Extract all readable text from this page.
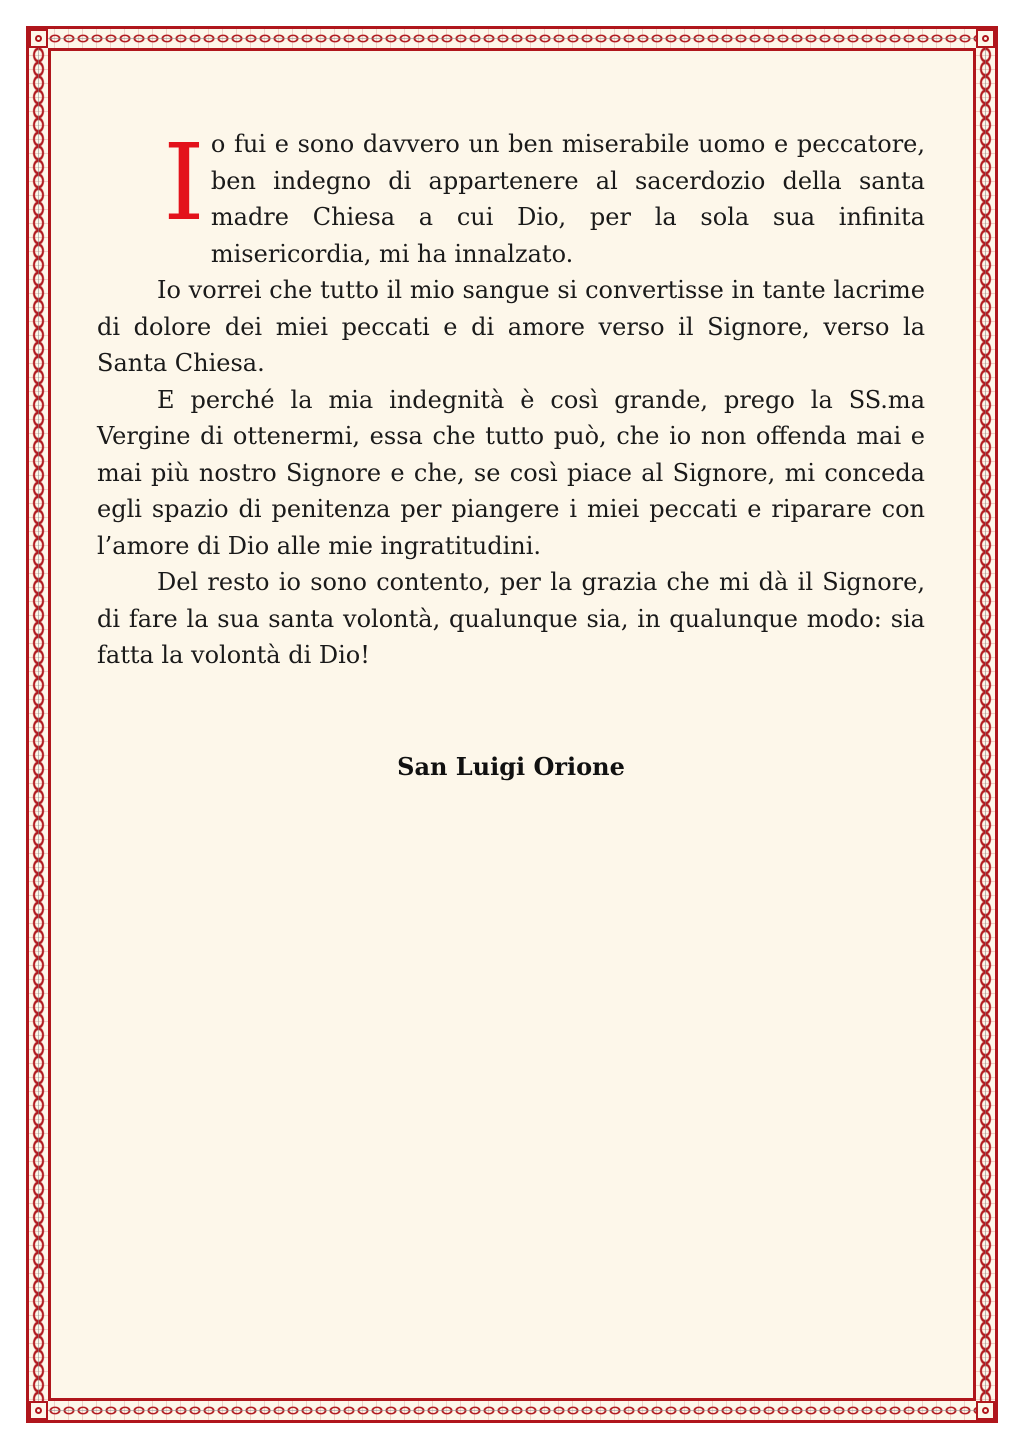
I o fui e sono davvero un ben miserabile uomo e peccatore, ben indegno di appartenere al sacerdozio della santa madre Chiesa a cui Dio, per la sola sua infinita misericordia, mi ha innalzato.

Io vorrei che tutto il mio sangue si convertisse in tante lacrime di dolore dei miei peccati e di amore verso il Signore, verso la Santa Chiesa.

E perché la mia indegnità è così grande, prego la SS.ma Vergine di ottenermi, essa che tutto può, che io non offenda mai e mai più nostro Signore e che, se così piace al Signore, mi conceda egli spazio di penitenza per piangere i miei peccati e riparare con l’amore di Dio alle mie ingratitudini.

Del resto io sono contento, per la grazia che mi dà il Signore, di fare la sua santa volontà, qualunque sia, in qualunque modo: sia fatta la volontà di Dio!

San Luigi Orione
